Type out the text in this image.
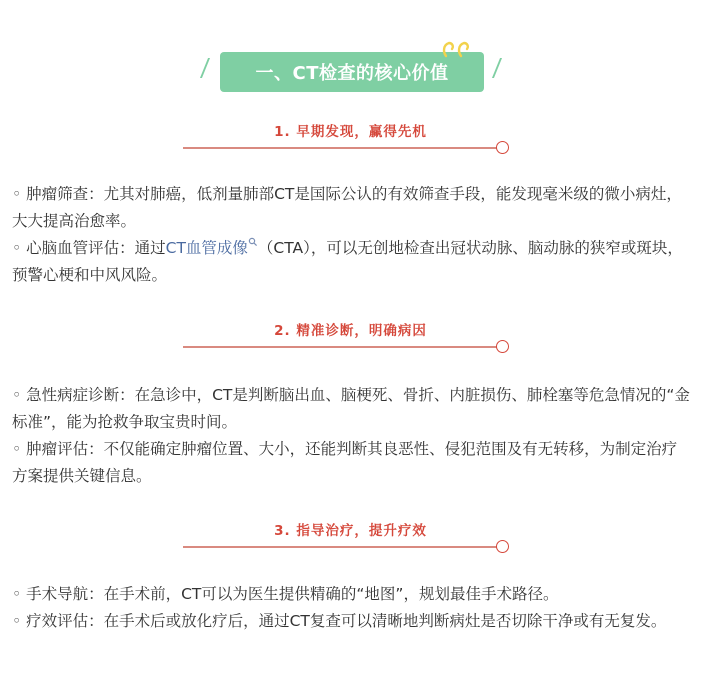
一、CT检查的核心价值
1. 早期发现，赢得先机
◦ 肿瘤筛查：尤其对肺癌，低剂量肺部CT是国际公认的有效筛查手段，能发现毫米级的微小病灶，大大提高治愈率。
◦ 心脑血管评估：通过CT血管成像 （CTA），可以无创地检查出冠状动脉、脑动脉的狭窄或斑块，预警心梗和中风风险。
2. 精准诊断，明确病因
◦ 急性病症诊断：在急诊中，CT是判断脑出血、脑梗死、骨折、内脏损伤、肺栓塞等危急情况的“金标准”，能为抢救争取宝贵时间。
◦ 肿瘤评估：不仅能确定肿瘤位置、大小，还能判断其良恶性、侵犯范围及有无转移，为制定治疗方案提供关键信息。
3. 指导治疗，提升疗效
◦ 手术导航：在手术前，CT可以为医生提供精确的“地图”，规划最佳手术路径。
◦ 疗效评估：在手术后或放化疗后，通过CT复查可以清晰地判断病灶是否切除干净或有无复发。
